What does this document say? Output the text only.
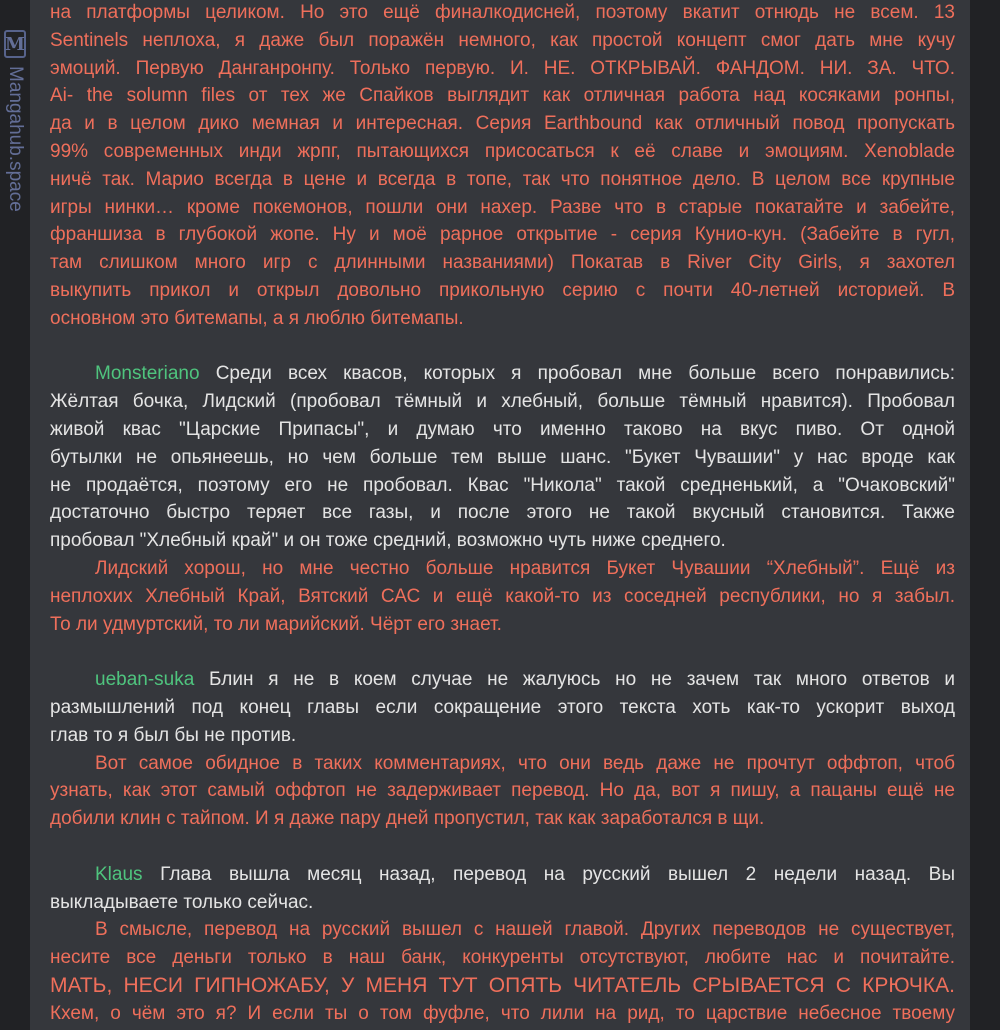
M
Mangahub.space
на платформы целиком. Но это ещё финалкодисней, поэтому вкатит отнюдь не всем. 13
Sentinels неплоха, я даже был поражён немного, как простой концепт смог дать мне кучу
эмоций. Первую Данганронпу. Только первую. И. НЕ. ОТКРЫВАЙ. ФАНДОМ. НИ. ЗА. ЧТО.
Ai- the solumn files от тех же Спайков выглядит как отличная работа над косяками ронпы,
да и в целом дико мемная и интересная. Серия Earthbound как отличный повод пропускать
99% современных инди жрпг, пытающихся присосаться к её славе и эмоциям. Xenoblade
ничё так. Марио всегда в цене и всегда в топе, так что понятное дело. В целом все крупные
игры нинки… кроме покемонов, пошли они нахер. Разве что в старые покатайте и забейте,
франшиза в глубокой жопе. Ну и моё рарное открытие - серия Кунио-кун. (Забейте в гугл,
там слишком много игр с длинными названиями) Покатав в River City Girls, я захотел
выкупить прикол и открыл довольно прикольную серию с почти 40-летней историей. В
основном это битемапы, а я люблю битемапы.
Monsteriano Среди всех квасов, которых я пробовал мне больше всего понравились:
Жёлтая бочка, Лидский (пробовал тёмный и хлебный, больше тёмный нравится). Пробовал
живой квас "Царские Припасы", и думаю что именно таково на вкус пиво. От одной
бутылки не опьянеешь, но чем больше тем выше шанс. "Букет Чувашии" у нас вроде как
не продаётся, поэтому его не пробовал. Квас "Никола" такой средненький, а "Очаковский"
достаточно быстро теряет все газы, и после этого не такой вкусный становится. Также
пробовал "Хлебный край" и он тоже средний, возможно чуть ниже среднего.
Лидский хорош, но мне честно больше нравится Букет Чувашии “Хлебный”. Ещё из
неплохих Хлебный Край, Вятский САС и ещё какой-то из соседней республики, но я забыл.
То ли удмуртский, то ли марийский. Чёрт его знает.
ueban-suka Блин я не в коем случае не жалуюсь но не зачем так много ответов и
размышлений под конец главы если сокращение этого текста хоть как-то ускорит выход
глав то я был бы не против.
Вот самое обидное в таких комментариях, что они ведь даже не прочтут оффтоп, чтоб
узнать, как этот самый оффтоп не задерживает перевод. Но да, вот я пишу, а пацаны ещё не
добили клин с тайпом. И я даже пару дней пропустил, так как заработался в щи.
Klaus Глава вышла месяц назад, перевод на русский вышел 2 недели назад. Вы
выкладываете только сейчас.
В смысле, перевод на русский вышел с нашей главой. Других переводов не существует,
несите все деньги только в наш банк, конкуренты отсутствуют, любите нас и почитайте.
МАТЬ, НЕСИ ГИПНОЖАБУ, У МЕНЯ ТУТ ОПЯТЬ ЧИТАТЕЛЬ СРЫВАЕТСЯ С КРЮЧКА.
Кхем, о чём это я? И если ты о том фуфле, что лили на рид, то царствие небесное твоему
